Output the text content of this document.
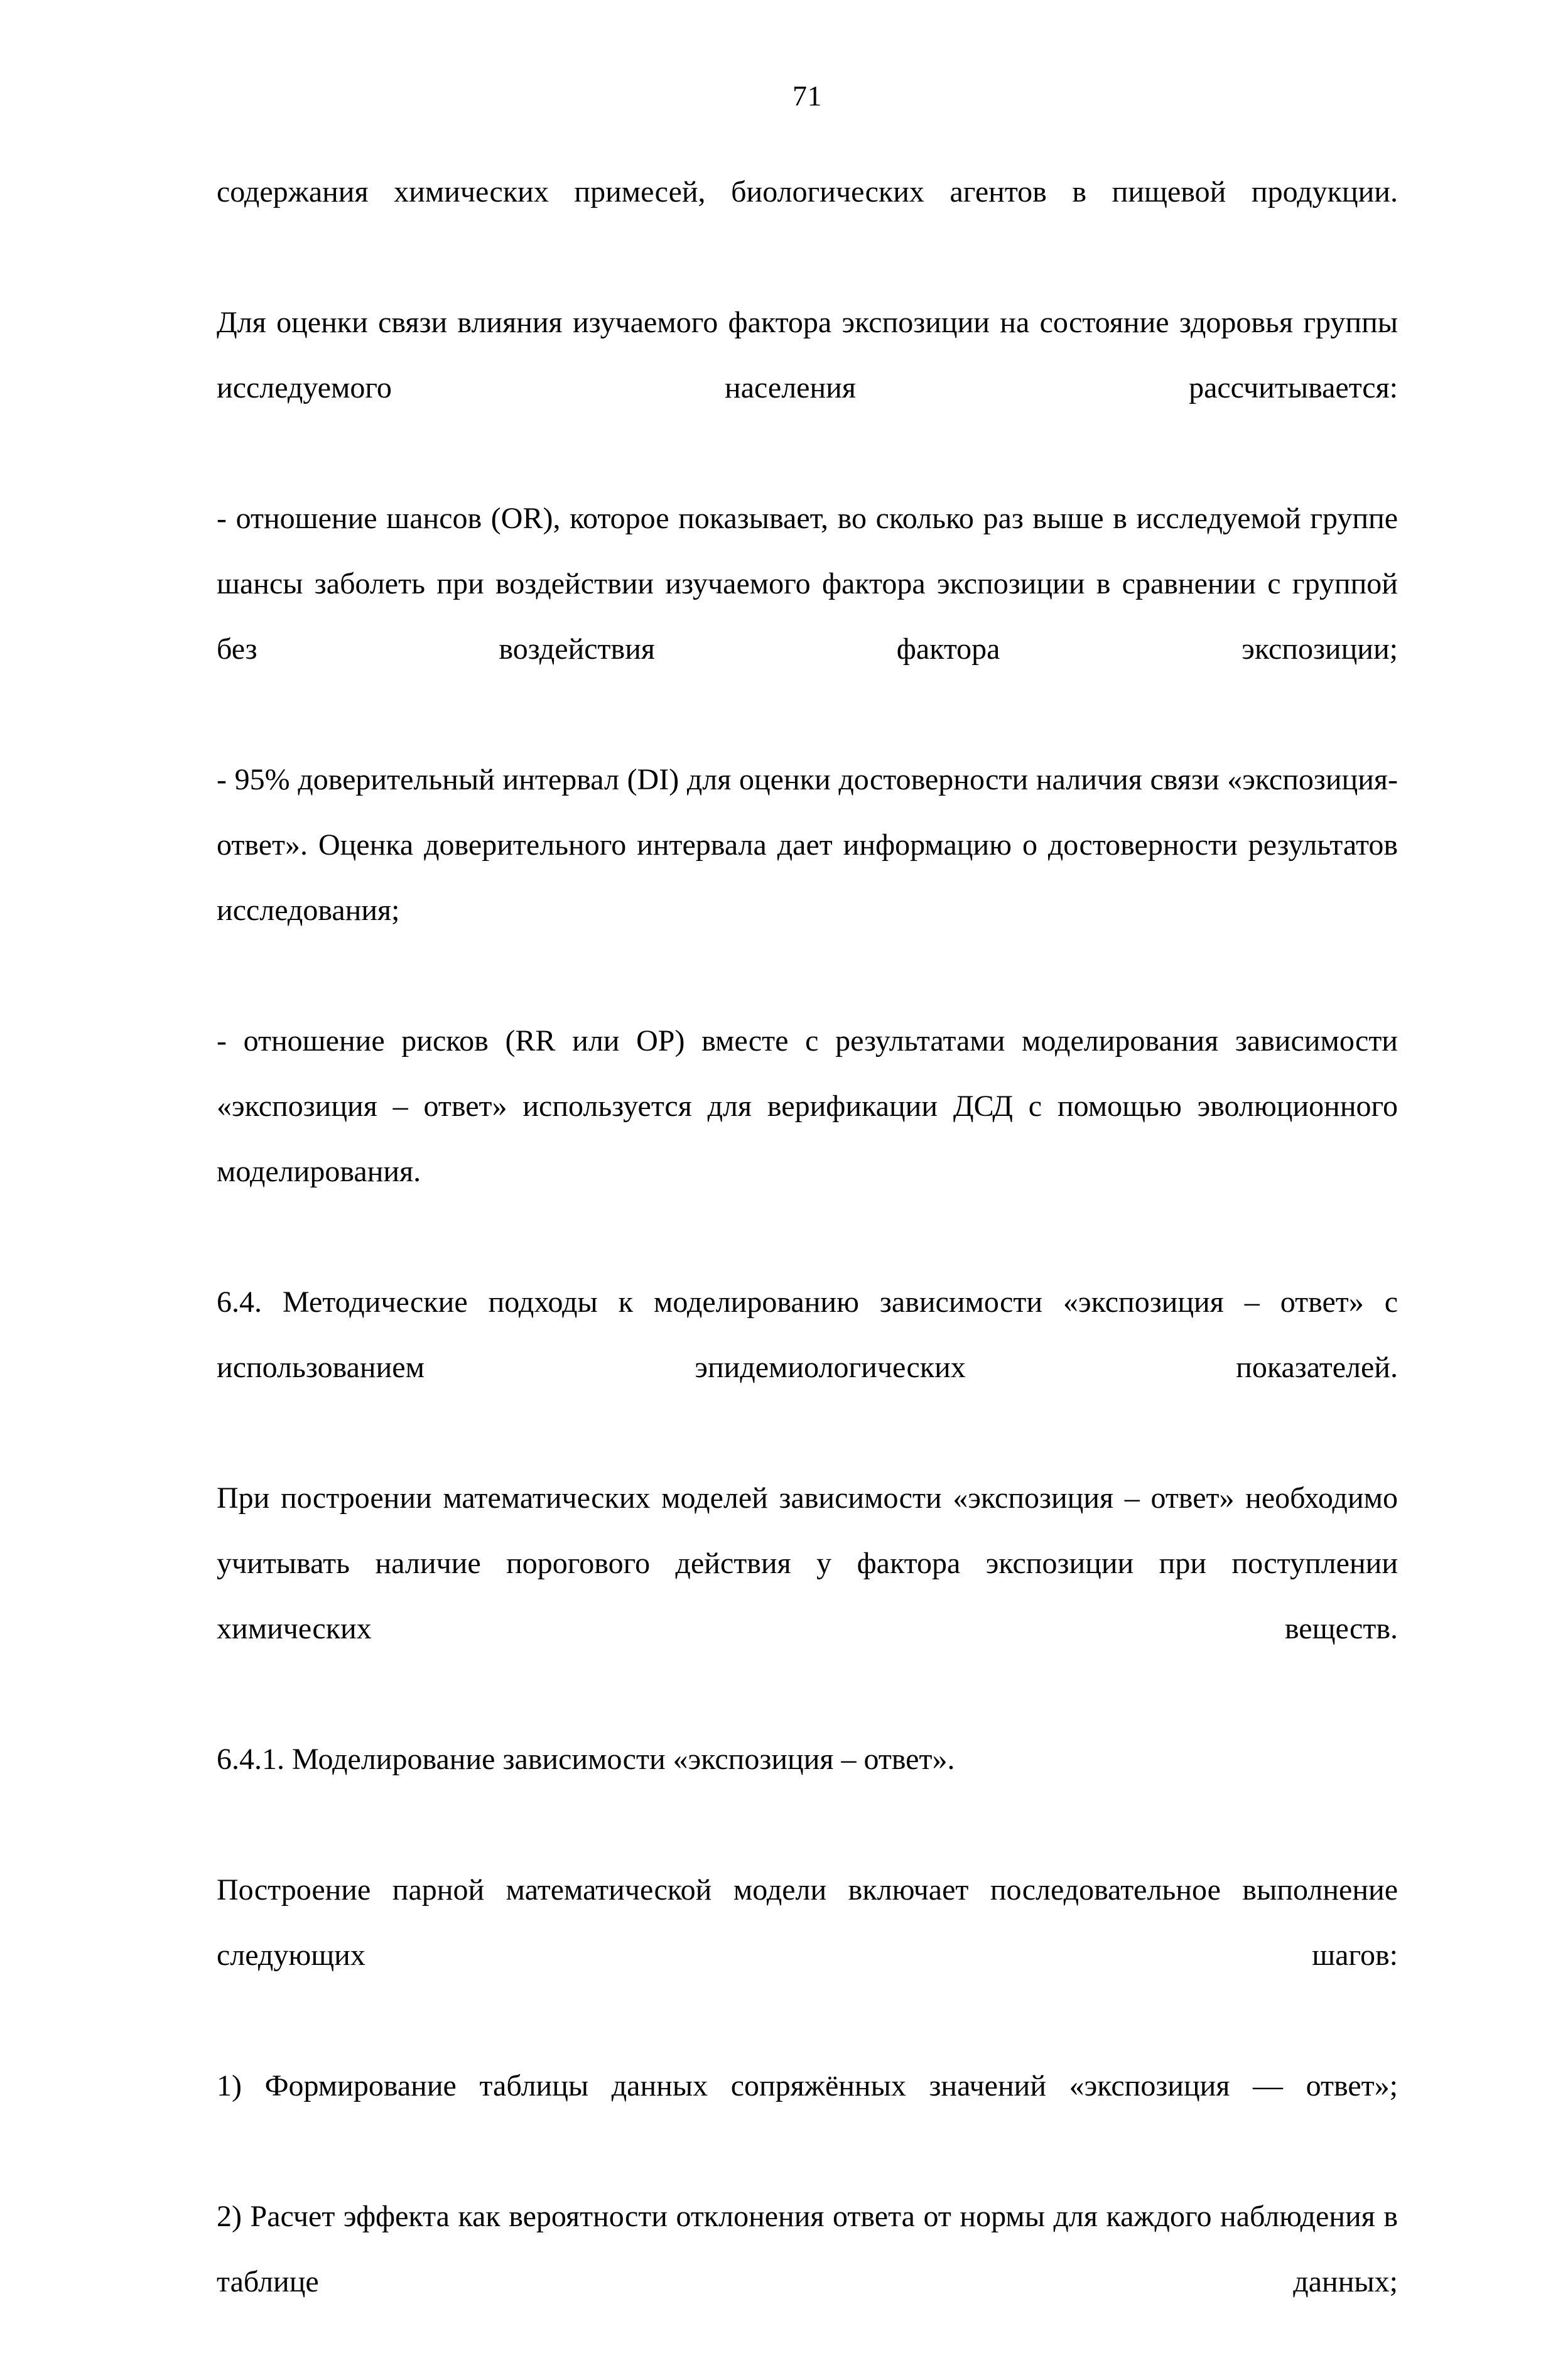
71

содержания химических примесей, биологических агентов в пищевой продукции.

Для оценки связи влияния изучаемого фактора экспозиции на состояние здоровья группы исследуемого населения рассчитывается:

- отношение шансов (OR), которое показывает, во сколько раз выше в исследуемой группе шансы заболеть при воздействии изучаемого фактора экспозиции в сравнении с группой без воздействия фактора экспозиции;

- 95% доверительный интервал (DI) для оценки достоверности наличия связи «экспозиция-ответ». Оценка доверительного интервала дает информацию о достоверности результатов исследования;

- отношение рисков (RR или ОР) вместе с результатами моделирования зависимости «экспозиция – ответ» используется для верификации ДСД с помощью эволюционного моделирования.

6.4. Методические подходы к моделированию зависимости «экспозиция – ответ» с использованием эпидемиологических показателей.

При построении математических моделей зависимости «экспозиция – ответ» необходимо учитывать наличие порогового действия у фактора экспозиции при поступлении химических веществ.

6.4.1. Моделирование зависимости «экспозиция – ответ».

Построение парной математической модели включает последовательное выполнение следующих шагов:

1) Формирование таблицы данных сопряжённых значений «экспозиция — ответ»;

2) Расчет эффекта как вероятности отклонения ответа от нормы для каждого наблюдения в таблице данных;
